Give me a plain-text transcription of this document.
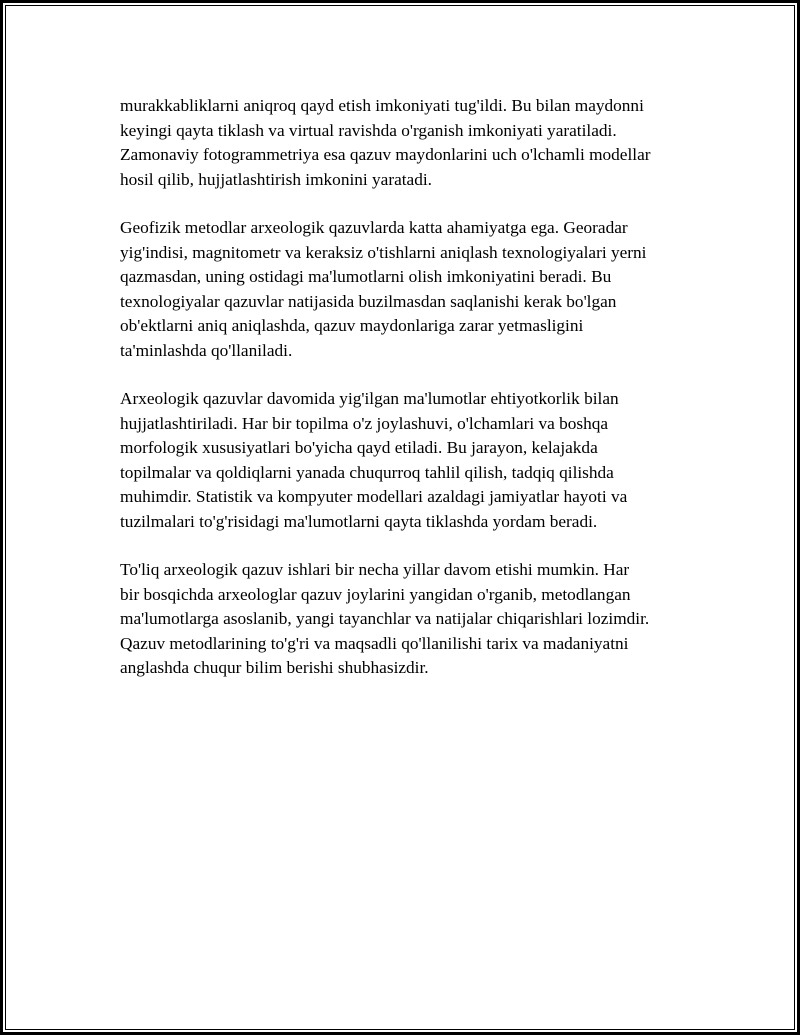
murakkabliklarni aniqroq qayd etish imkoniyati tug'ildi. Bu bilan maydonni
keyingi qayta tiklash va virtual ravishda o'rganish imkoniyati yaratiladi.
Zamonaviy fotogrammetriya esa qazuv maydonlarini uch o'lchamli modellar
hosil qilib, hujjatlashtirish imkonini yaratadi.

Geofizik metodlar arxeologik qazuvlarda katta ahamiyatga ega. Georadar
yig'indisi, magnitometr va keraksiz o'tishlarni aniqlash texnologiyalari yerni
qazmasdan, uning ostidagi ma'lumotlarni olish imkoniyatini beradi. Bu
texnologiyalar qazuvlar natijasida buzilmasdan saqlanishi kerak bo'lgan
ob'ektlarni aniq aniqlashda, qazuv maydonlariga zarar yetmasligini
ta'minlashda qo'llaniladi.

Arxeologik qazuvlar davomida yig'ilgan ma'lumotlar ehtiyotkorlik bilan
hujjatlashtiriladi. Har bir topilma o'z joylashuvi, o'lchamlari va boshqa
morfologik xususiyatlari bo'yicha qayd etiladi. Bu jarayon, kelajakda
topilmalar va qoldiqlarni yanada chuqurroq tahlil qilish, tadqiq qilishda
muhimdir. Statistik va kompyuter modellari azaldagi jamiyatlar hayoti va
tuzilmalari to'g'risidagi ma'lumotlarni qayta tiklashda yordam beradi.

To'liq arxeologik qazuv ishlari bir necha yillar davom etishi mumkin. Har
bir bosqichda arxeologlar qazuv joylarini yangidan o'rganib, metodlangan
ma'lumotlarga asoslanib, yangi tayanchlar va natijalar chiqarishlari lozimdir.
Qazuv metodlarining to'g'ri va maqsadli qo'llanilishi tarix va madaniyatni
anglashda chuqur bilim berishi shubhasizdir.
